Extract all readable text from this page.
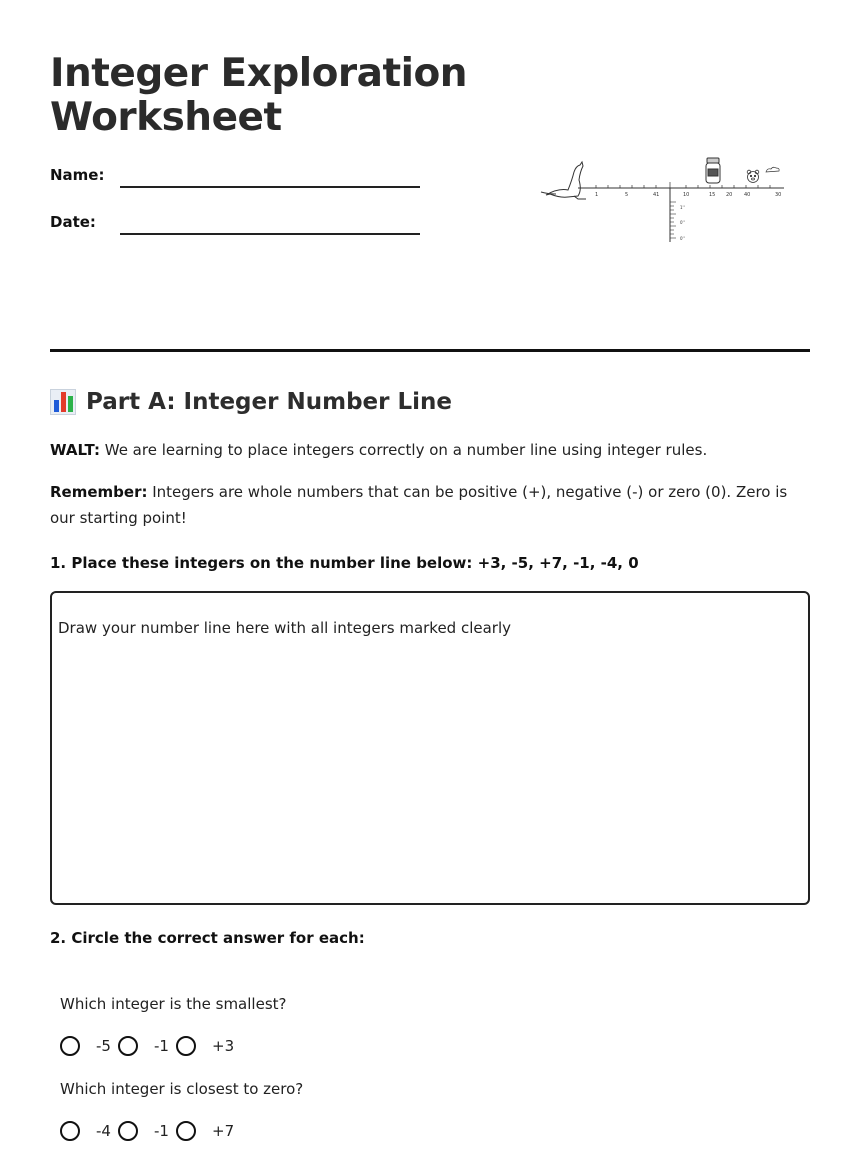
Integer Exploration Worksheet
Name:
Date:
1	5	41	10	15 20 40	30
1''
0''
0''
Part A: Integer Number Line

WALT: We are learning to place integers correctly on a number line using integer rules.

Remember: Integers are whole numbers that can be positive (+), negative (-) or zero (0). Zero is our starting point!

1. Place these integers on the number line below: +3, -5, +7, -1, -4, 0

Draw your number line here with all integers marked clearly

2. Circle the correct answer for each:

Which integer is the smallest?
-5	-1	+3
Which integer is closest to zero?
-4	-1	+7
